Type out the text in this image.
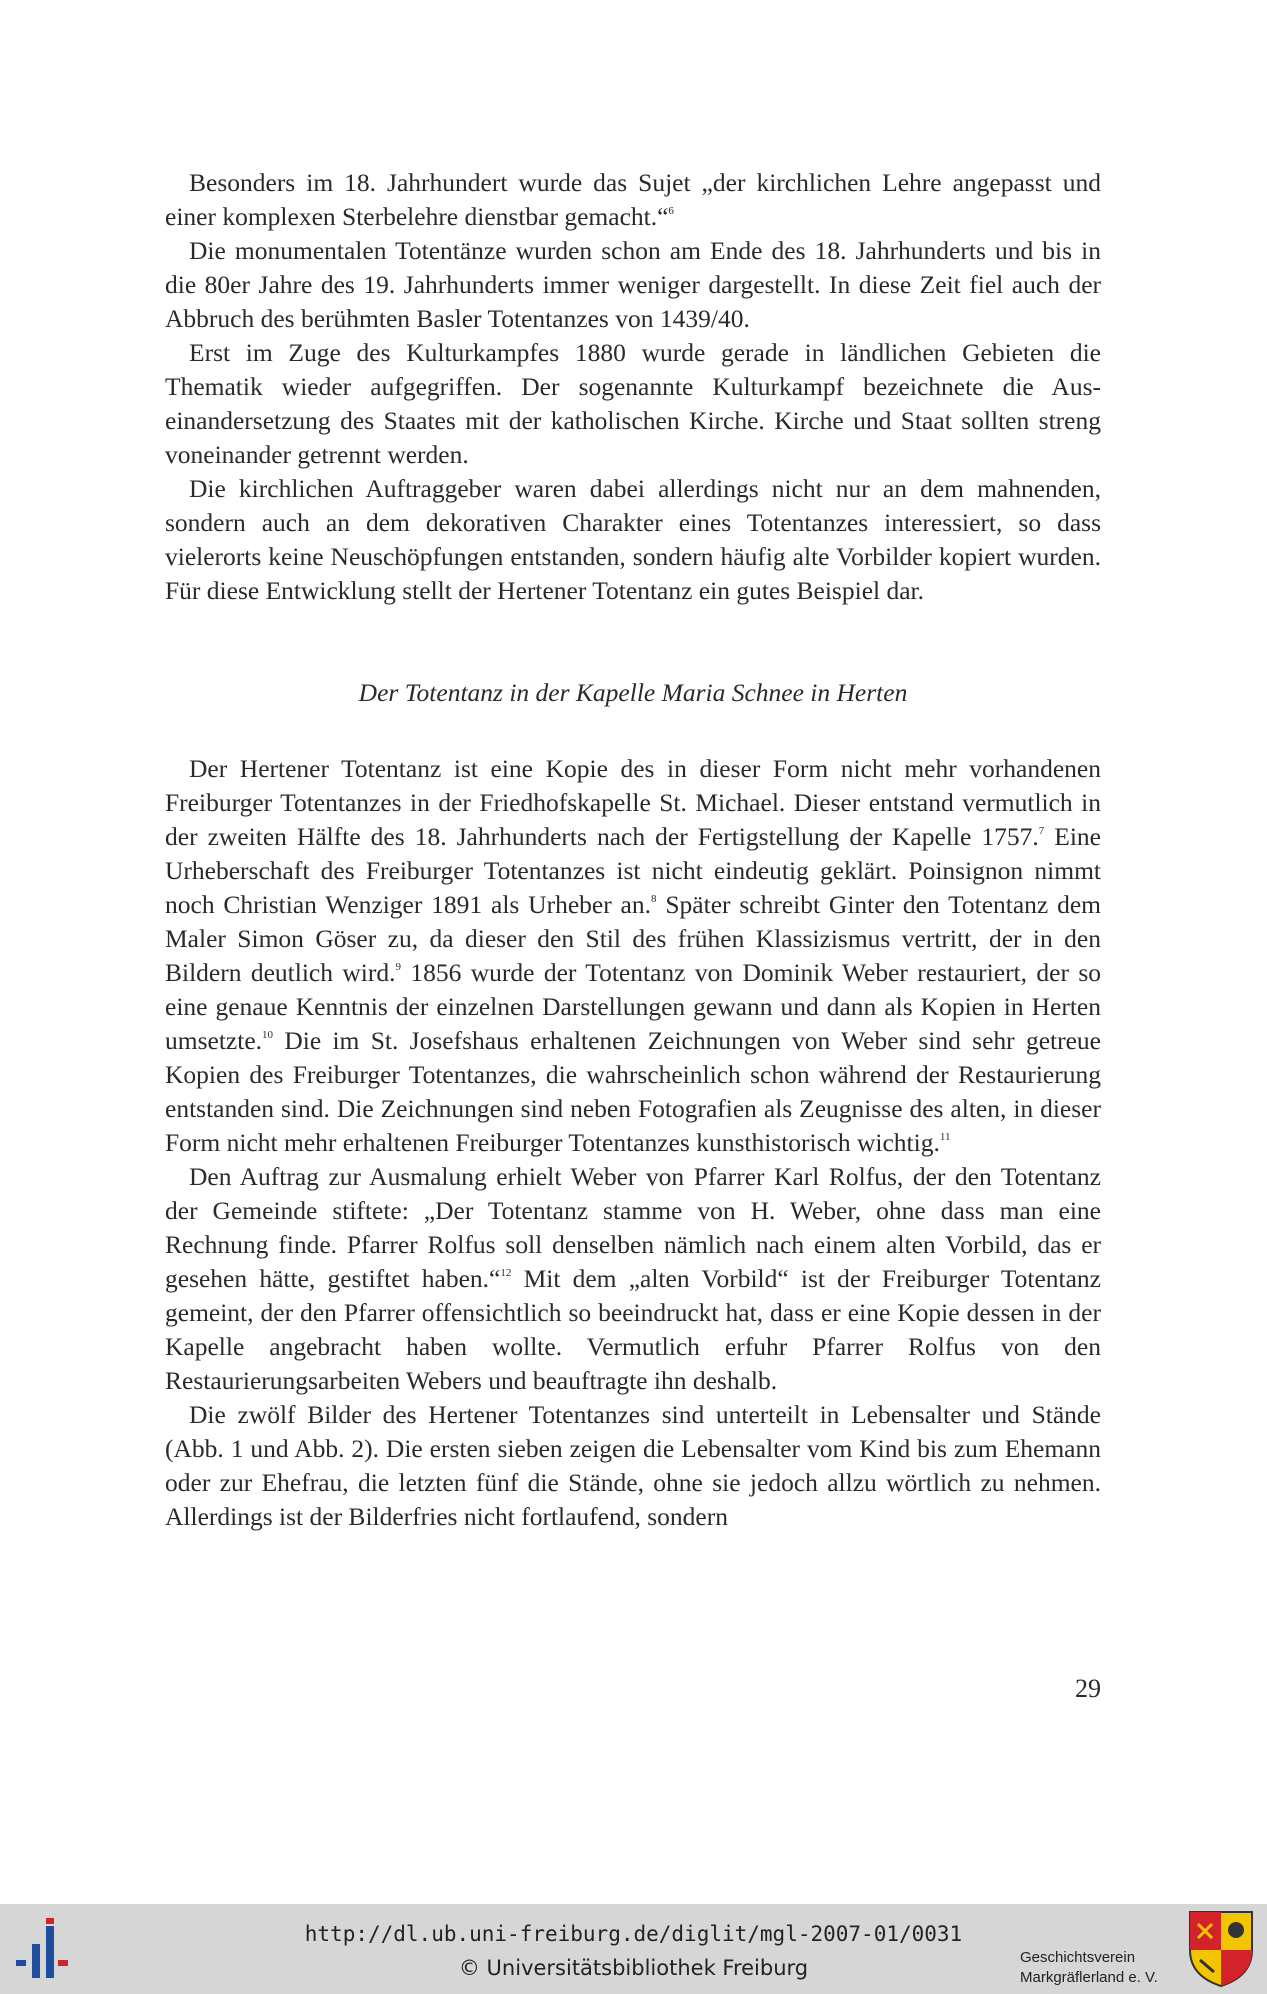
Besonders im 18. Jahrhundert wurde das Sujet „der kirchlichen Lehre angepasst und einer komplexen Sterbelehre dienstbar gemacht.“$^6$

Die monumentalen Totentänze wurden schon am Ende des 18. Jahrhunderts und bis in die 80er Jahre des 19. Jahrhunderts immer weniger dargestellt. In diese Zeit fiel auch der Abbruch des berühmten Basler Totentanzes von 1439/40.

Erst im Zuge des Kulturkampfes 1880 wurde gerade in ländlichen Gebieten die Thematik wieder aufgegriffen. Der sogenannte Kulturkampf bezeichnete die Auseinandersetzung des Staates mit der katholischen Kirche. Kirche und Staat sollten streng voneinander getrennt werden.

Die kirchlichen Auftraggeber waren dabei allerdings nicht nur an dem mahnenden, sondern auch an dem dekorativen Charakter eines Totentanzes interessiert, so dass vielerorts keine Neuschöpfungen entstanden, sondern häufig alte Vorbilder kopiert wurden. Für diese Entwicklung stellt der Hertener Totentanz ein gutes Beispiel dar.

Der Totentanz in der Kapelle Maria Schnee in Herten

Der Hertener Totentanz ist eine Kopie des in dieser Form nicht mehr vorhandenen Freiburger Totentanzes in der Friedhofskapelle St. Michael. Dieser entstand vermutlich in der zweiten Hälfte des 18. Jahrhunderts nach der Fertigstellung der Kapelle 1757.$^7$ Eine Urheberschaft des Freiburger Totentanzes ist nicht eindeutig geklärt. Poinsignon nimmt noch Christian Wenziger 1891 als Urheber an.$^8$ Später schreibt Ginter den Totentanz dem Maler Simon Göser zu, da dieser den Stil des frühen Klassizismus vertritt, der in den Bildern deutlich wird.$^9$ 1856 wurde der Totentanz von Dominik Weber restauriert, der so eine genaue Kenntnis der einzelnen Darstellungen gewann und dann als Kopien in Herten umsetzte.$^{10}$ Die im St. Josefshaus erhaltenen Zeichnungen von Weber sind sehr getreue Kopien des Freiburger Totentanzes, die wahrscheinlich schon während der Restaurierung entstanden sind. Die Zeichnungen sind neben Fotografien als Zeugnisse des alten, in dieser Form nicht mehr erhaltenen Freiburger Totentanzes kunsthistorisch wichtig.$^{11}$

Den Auftrag zur Ausmalung erhielt Weber von Pfarrer Karl Rolfus, der den Totentanz der Gemeinde stiftete: „Der Totentanz stamme von H. Weber, ohne dass man eine Rechnung finde. Pfarrer Rolfus soll denselben nämlich nach einem alten Vorbild, das er gesehen hätte, gestiftet haben.“$^{12}$ Mit dem „alten Vorbild“ ist der Freiburger Totentanz gemeint, der den Pfarrer offensichtlich so beeindruckt hat, dass er eine Kopie dessen in der Kapelle angebracht haben wollte. Vermutlich erfuhr Pfarrer Rolfus von den Restaurierungsarbeiten Webers und beauftragte ihn deshalb.

Die zwölf Bilder des Hertener Totentanzes sind unterteilt in Lebensalter und Stände (Abb. 1 und Abb. 2). Die ersten sieben zeigen die Lebensalter vom Kind bis zum Ehemann oder zur Ehefrau, die letzten fünf die Stände, ohne sie jedoch allzu wörtlich zu nehmen. Allerdings ist der Bilderfries nicht fortlaufend, sondern

29
http://dl.ub.uni-freiburg.de/diglit/mgl-2007-01/0031
© Universitätsbibliothek Freiburg	Geschichtsverein
Markgräflerland e. V.
